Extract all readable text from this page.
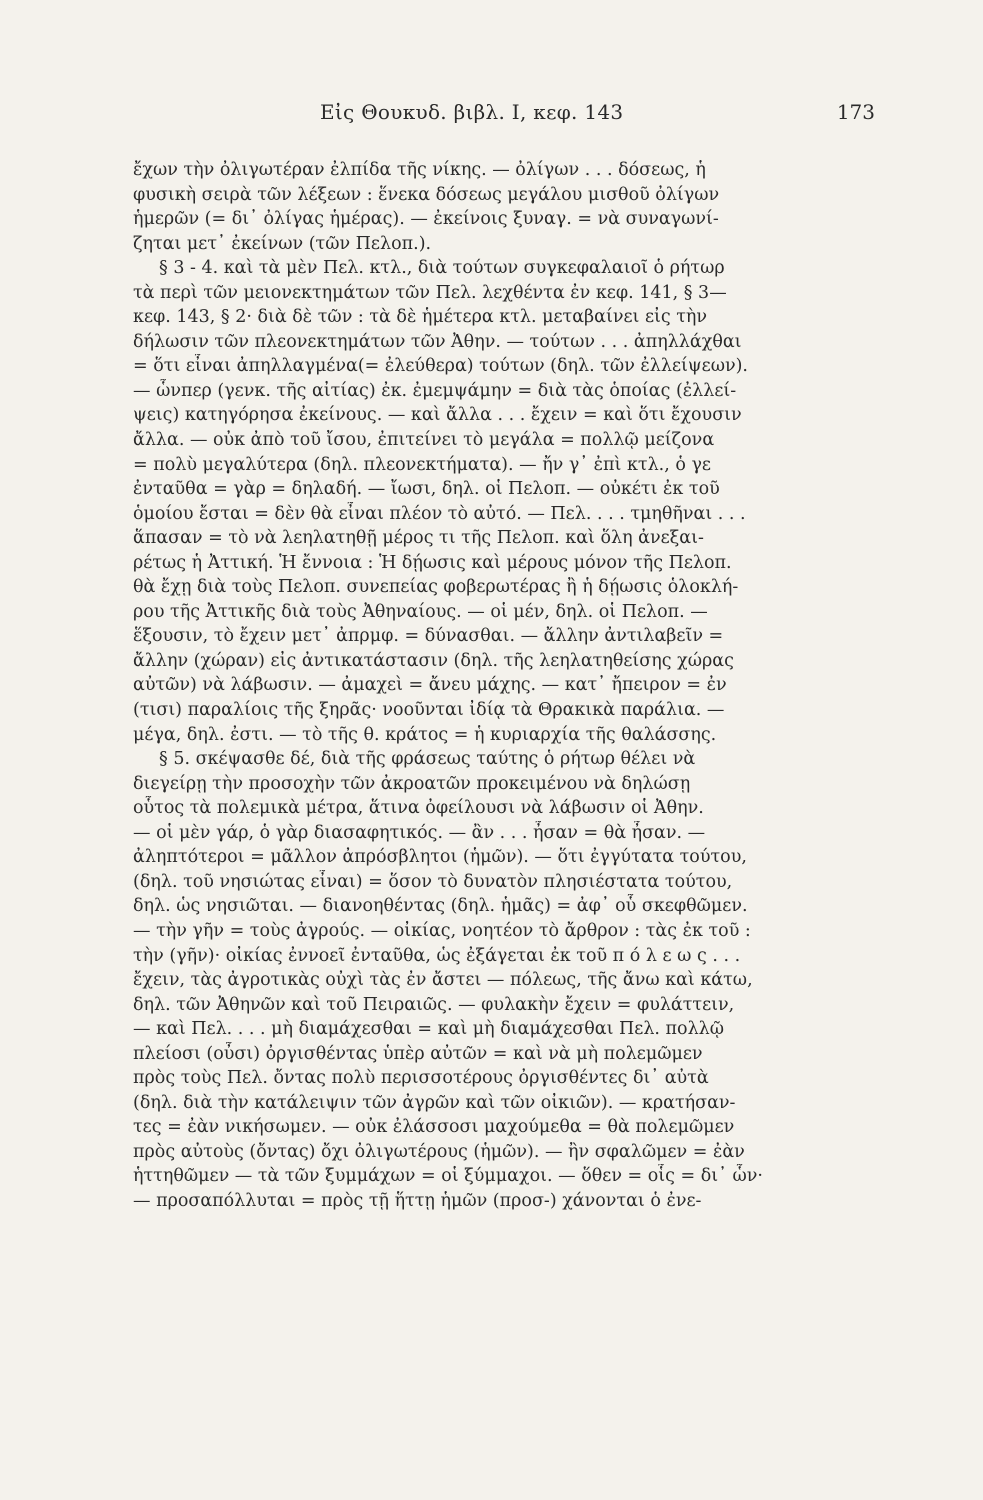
Εἰς Θουκυδ. βιβλ. Ι, κεφ. 143	173
ἔχων τὴν ὀλιγωτέραν ἐλπίδα τῆς νίκης. — ὀλίγων . . . δόσεως, ἡ
φυσικὴ σειρὰ τῶν λέξεων : ἕνεκα δόσεως μεγάλου μισθοῦ ὀλίγων
ἡμερῶν (= δι᾿ ὀλίγας ἡμέρας). — ἐκείνοις ξυναγ. = νὰ συναγωνί-
ζηται μετ᾿ ἐκείνων (τῶν Πελοπ.).
§ 3 - 4. καὶ τὰ μὲν Πελ. κτλ., διὰ τούτων συγκεφαλαιοῖ ὁ ρήτωρ
τὰ περὶ τῶν μειονεκτημάτων τῶν Πελ. λεχθέντα ἐν κεφ. 141, § 3—
κεφ. 143, § 2· διὰ δὲ τῶν : τὰ δὲ ἡμέτερα κτλ. μεταβαίνει εἰς τὴν
δήλωσιν τῶν πλεονεκτημάτων τῶν Ἀθην. — τούτων . . . ἀπηλλάχθαι
= ὅτι εἶναι ἀπηλλαγμένα(= ἐλεύθερα) τούτων (δηλ. τῶν ἐλλείψεων).
— ὧνπερ (γενκ. τῆς αἰτίας) ἐκ. ἐμεμψάμην = διὰ τὰς ὁποίας (ἐλλεί-
ψεις) κατηγόρησα ἐκείνους. — καὶ ἄλλα . . . ἔχειν = καὶ ὅτι ἔχουσιν
ἄλλα. — οὐκ ἀπὸ τοῦ ἴσου, ἐπιτείνει τὸ μεγάλα = πολλῷ μείζονα
= πολὺ μεγαλύτερα (δηλ. πλεονεκτήματα). — ἤν γ᾿ ἐπὶ κτλ., ὁ γε
ἐνταῦθα = γὰρ = δηλαδή. — ἴωσι, δηλ. οἱ Πελοπ. — οὐκέτι ἐκ τοῦ
ὁμοίου ἔσται = δὲν θὰ εἶναι πλέον τὸ αὐτό. — Πελ. . . . τμηθῆναι . . .
ἅπασαν = τὸ νὰ λεηλατηθῇ μέρος τι τῆς Πελοπ. καὶ ὅλη ἀνεξαι-
ρέτως ἡ Ἀττική. Ἡ ἔννοια : Ἡ δῄωσις καὶ μέρους μόνον τῆς Πελοπ.
θὰ ἔχῃ διὰ τοὺς Πελοπ. συνεπείας φοβερωτέρας ἢ ἡ δῄωσις ὁλοκλή-
ρου τῆς Ἀττικῆς διὰ τοὺς Ἀθηναίους. — οἱ μέν, δηλ. οἱ Πελοπ. —
ἕξουσιν, τὸ ἔχειν μετ᾿ ἀπρμφ. = δύνασθαι. — ἄλλην ἀντιλαβεῖν =
ἄλλην (χώραν) εἰς ἀντικατάστασιν (δηλ. τῆς λεηλατηθείσης χώρας
αὐτῶν) νὰ λάβωσιν. — ἀμαχεὶ = ἄνευ μάχης. — κατ᾿ ἤπειρον = ἐν
(τισι) παραλίοις τῆς ξηρᾶς· νοοῦνται ἰδίᾳ τὰ Θρακικὰ παράλια. —
μέγα, δηλ. ἐστι. — τὸ τῆς θ. κράτος = ἡ κυριαρχία τῆς θαλάσσης.
§ 5. σκέψασθε δέ, διὰ τῆς φράσεως ταύτης ὁ ρήτωρ θέλει νὰ
διεγείρῃ τὴν προσοχὴν τῶν ἀκροατῶν προκειμένου νὰ δηλώσῃ
οὗτος τὰ πολεμικὰ μέτρα, ἅτινα ὀφείλουσι νὰ λάβωσιν οἱ Ἀθην.
— οἱ μὲν γάρ, ὁ γὰρ διασαφητικός. — ἂν . . . ἦσαν = θὰ ἦσαν. —
ἀληπτότεροι = μᾶλλον ἀπρόσβλητοι (ἡμῶν). — ὅτι ἐγγύτατα τούτου,
(δηλ. τοῦ νησιώτας εἶναι) = ὅσον τὸ δυνατὸν πλησιέστατα τούτου,
δηλ. ὡς νησιῶται. — διανοηθέντας (δηλ. ἡμᾶς) = ἀφ᾿ οὗ σκεφθῶμεν.
— τὴν γῆν = τοὺς ἀγρούς. — οἰκίας, νοητέον τὸ ἄρθρον : τὰς ἐκ τοῦ :
τὴν (γῆν)· οἰκίας ἐννοεῖ ἐνταῦθα, ὡς ἐξάγεται ἐκ τοῦ π ό λ ε ω ς . . .
ἔχειν, τὰς ἀγροτικὰς οὐχὶ τὰς ἐν ἄστει — πόλεως, τῆς ἄνω καὶ κάτω,
δηλ. τῶν Ἀθηνῶν καὶ τοῦ Πειραιῶς. — φυλακὴν ἔχειν = φυλάττειν,
— καὶ Πελ. . . . μὴ διαμάχεσθαι = καὶ μὴ διαμάχεσθαι Πελ. πολλῷ
πλείοσι (οὖσι) ὀργισθέντας ὑπὲρ αὐτῶν = καὶ νὰ μὴ πολεμῶμεν
πρὸς τοὺς Πελ. ὄντας πολὺ περισσοτέρους ὀργισθέντες δι᾿ αὐτὰ
(δηλ. διὰ τὴν κατάλειψιν τῶν ἀγρῶν καὶ τῶν οἰκιῶν). — κρατήσαν-
τες = ἐὰν νικήσωμεν. — οὐκ ἐλάσσοσι μαχούμεθα = θὰ πολεμῶμεν
πρὸς αὐτοὺς (ὄντας) ὄχι ὀλιγωτέρους (ἡμῶν). — ἢν σφαλῶμεν = ἐὰν
ἡττηθῶμεν — τὰ τῶν ξυμμάχων = οἱ ξύμμαχοι. — ὅθεν = οἷς = δι᾿ ὧν·
— προσαπόλλυται = πρὸς τῇ ἥττῃ ἡμῶν (προσ-) χάνονται ὁ ἐνε-
